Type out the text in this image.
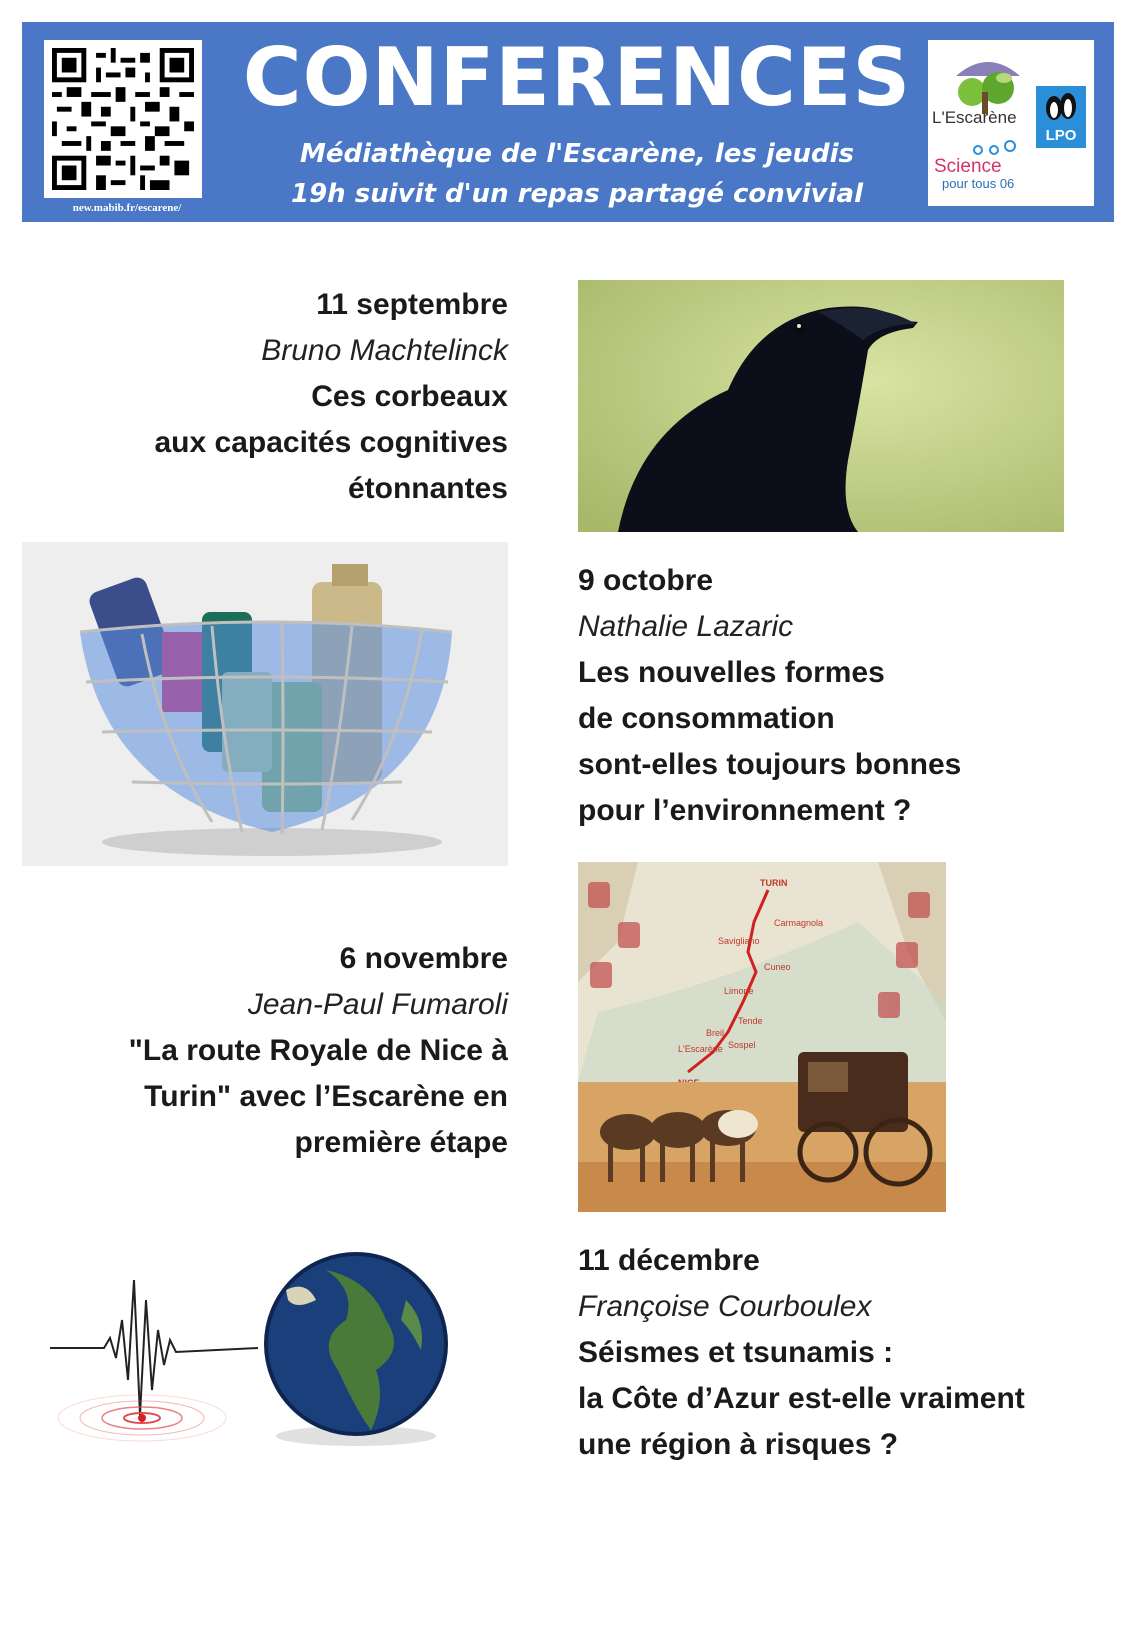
new.mabib.fr/escarene/
CONFERENCES
Médiathèque de l'Escarène, les jeudis
19h suivit d'un repas partagé convivial
L'Escarène
LPO
Science
pour tous 06
11 septembre
Bruno Machtelinck
Ces corbeaux
aux capacités cognitives
étonnantes
9 octobre
Nathalie Lazaric
Les nouvelles formes
de consommation
sont-elles toujours bonnes
pour l’environnement ?
6 novembre
Jean-Paul Fumaroli
"La route Royale de Nice à
Turin" avec l’Escarène en
première étape
TURIN
Carmagnola
Savigliano
Cuneo
Limone
Tende
Breil
Sospel
L'Escarène
11 décembre
Françoise Courboulex
Séismes et tsunamis :
la Côte d’Azur est-elle vraiment
une région à risques ?
